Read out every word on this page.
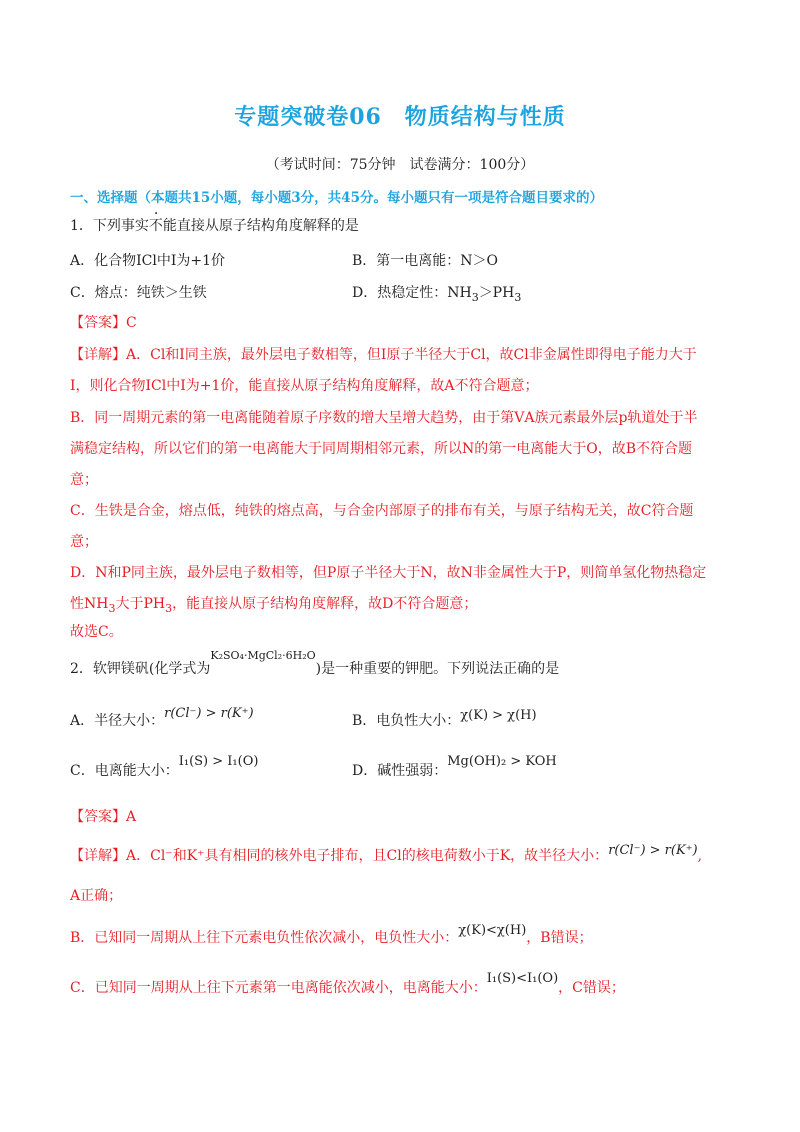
专题突破卷06　物质结构与性质
（考试时间：75分钟　试卷满分：100分）
一、选择题（本题共15小题，每小题3分，共45分。每小题只有一项是符合题目要求的）
1．下列事实不能直接从原子结构角度解释的是
A．化合物ICl中I为+1价	B．第一电离能：N＞O
C．熔点：纯铁＞生铁	D．热稳定性：$NH_3>PH_3$
【答案】C
【详解】A．Cl和I同主族，最外层电子数相等，但I原子半径大于Cl，故Cl非金属性即得电子能力大于
I，则化合物ICl中I为+1价，能直接从原子结构角度解释，故A不符合题意；
B．同一周期元素的第一电离能随着原子序数的增大呈增大趋势，由于第ⅤA族元素最外层p轨道处于半
满稳定结构，所以它们的第一电离能大于同周期相邻元素，所以N的第一电离能大于O，故B不符合题
意；
C．生铁是合金，熔点低，纯铁的熔点高，与合金内部原子的排布有关，与原子结构无关，故C符合题
意；
D．N和P同主族，最外层电子数相等，但P原子半径大于N，故N非金属性大于P，则简单氢化物热稳定
性$NH_3$大于$PH_3$，能直接从原子结构角度解释，故D不符合题意；
故选C。
2．软钾镁矾(化学式为$^{K_2SO_4\cdot MgCl_2\cdot 6H_2O}$)是一种重要的钾肥。下列说法正确的是
A．半径大小：r(Cl⁻) > r(K⁺)	B．电负性大小：χ(K) > χ(H)
C．电离能大小：I₁(S) > I₁(O)
D．碱性强弱：Mg(OH)₂ > KOH
【答案】A
【详解】A．Cl⁻和K⁺具有相同的核外电子排布，且Cl的核电荷数小于K，故半径大小：r(Cl⁻) > r(K⁺),
A正确；
B．已知同一周期从上往下元素电负性依次减小，电负性大小：χ(K)<χ(H)，B错误；
C．已知同一周期从上往下元素第一电离能依次减小，电离能大小：I₁(S)<I₁(O)，C错误；
